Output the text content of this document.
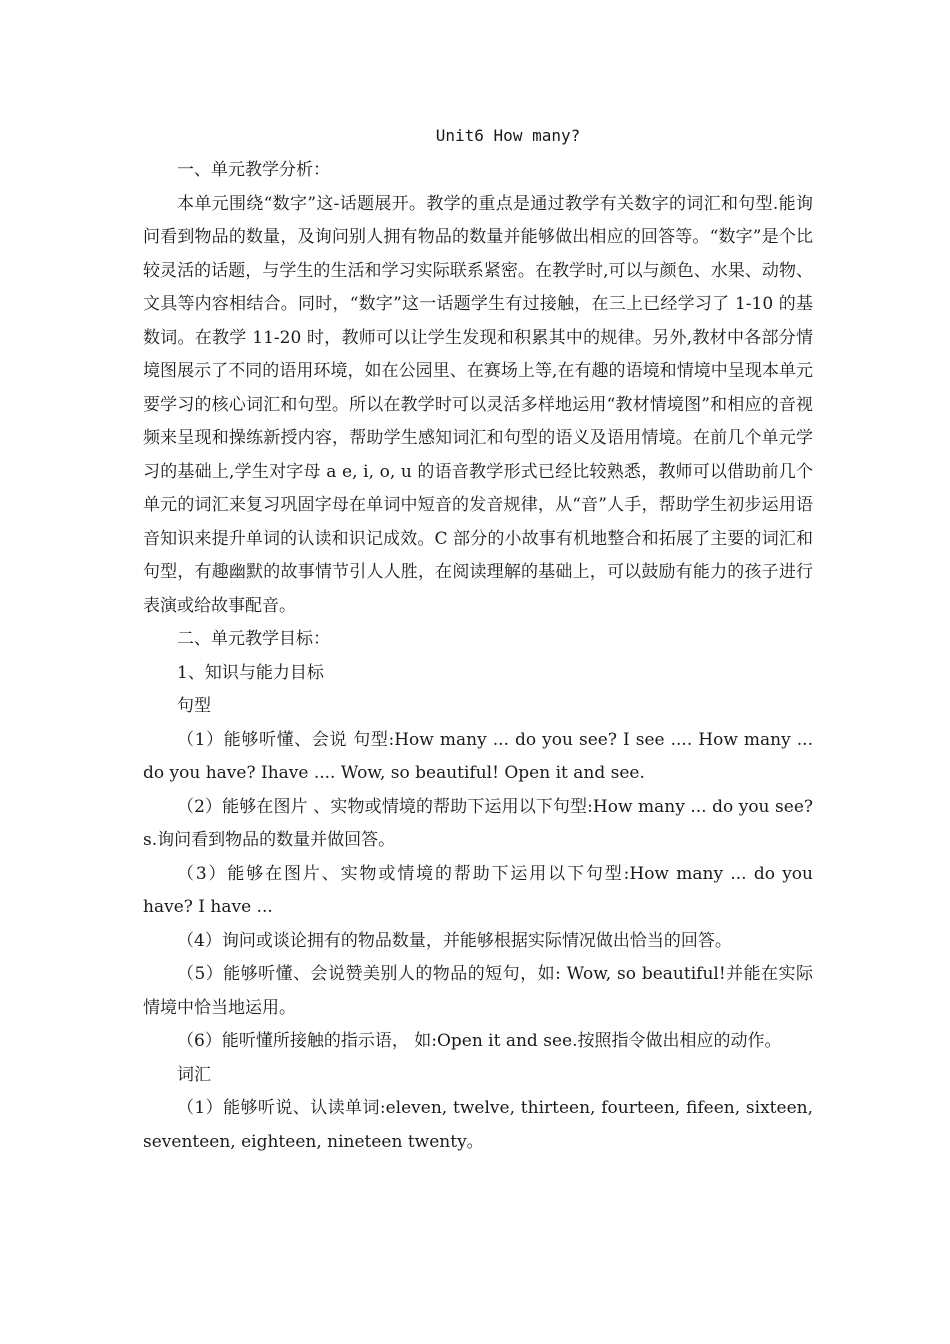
Unit6 How many?

一、单元教学分析：

本单元围绕“数字”这-话题展开。教学的重点是通过教学有关数字的词汇和句型.能询问看到物品的数量，及询问别人拥有物品的数量并能够做出相应的回答等。“数字”是个比较灵活的话题，与学生的生活和学习实际联系紧密。在教学时,可以与颜色、水果、动物、文具等内容相结合。同时，“数字”这一话题学生有过接触，在三上已经学习了 1-10 的基数词。在教学 11-20 时，教师可以让学生发现和积累其中的规律。另外,教材中各部分情境图展示了不同的语用环境，如在公园里、在赛场上等,在有趣的语境和情境中呈现本单元要学习的核心词汇和句型。所以在教学时可以灵活多样地运用“教材情境图”和相应的音视频来呈现和操练新授内容，帮助学生感知词汇和句型的语义及语用情境。在前几个单元学习的基础上,学生对字母 a e, i, o, u 的语音教学形式已经比较熟悉，教师可以借助前几个单元的词汇来复习巩固字母在单词中短音的发音规律，从“音”人手，帮助学生初步运用语音知识来提升单词的认读和识记成效。C 部分的小故事有机地整合和拓展了主要的词汇和句型，有趣幽默的故事情节引人人胜，在阅读理解的基础上，可以鼓励有能力的孩子进行表演或给故事配音。

二、单元教学目标：

1、知识与能力目标

句型

（1）能够听懂、会说 句型:How many ... do you see? I see .... How many ... do you have? Ihave .... Wow, so beautiful! Open it and see.

（2）能够在图片 、实物或情境的帮助下运用以下句型:How many ... do you see? s.询问看到物品的数量并做回答。

（3）能够在图片、实物或情境的帮助下运用以下句型:How many ... do you have? I have ...

（4）询问或谈论拥有的物品数量，并能够根据实际情况做出恰当的回答。

（5）能够听懂、会说赞美别人的物品的短句，如: Wow, so beautiful!并能在实际情境中恰当地运用。

（6）能听懂所接触的指示语， 如:Open it and see.按照指令做出相应的动作。

词汇

（1）能够听说、认读单词:eleven, twelve, thirteen, fourteen, fifeen, sixteen, seventeen, eighteen, nineteen twenty。
